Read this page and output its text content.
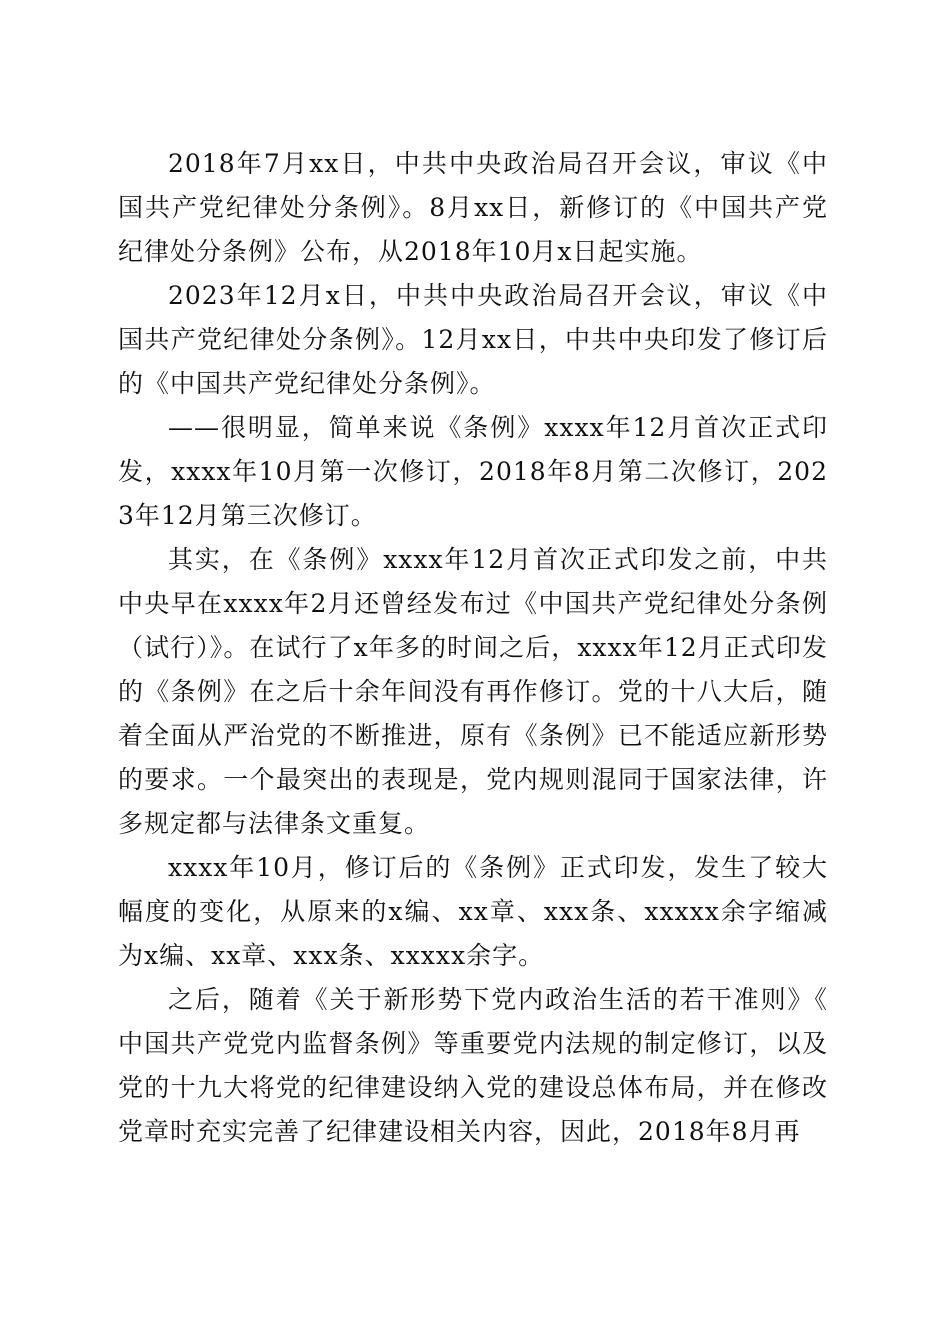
2018年7月xx日，中共中央政治局召开会议，审议《中国共产党纪律处分条例》。8月xx日，新修订的《中国共产党纪律处分条例》公布，从2018年10月x日起实施。

2023年12月x日，中共中央政治局召开会议，审议《中国共产党纪律处分条例》。12月xx日，中共中央印发了修订后的《中国共产党纪律处分条例》。

——很明显，简单来说《条例》xxxx年12月首次正式印发，xxxx年10月第一次修订，2018年8月第二次修订，2023年12月第三次修订。

其实，在《条例》xxxx年12月首次正式印发之前，中共中央早在xxxx年2月还曾经发布过《中国共产党纪律处分条例（试行）》。在试行了x年多的时间之后，xxxx年12月正式印发的《条例》在之后十余年间没有再作修订。党的十八大后，随着全面从严治党的不断推进，原有《条例》已不能适应新形势的要求。一个最突出的表现是，党内规则混同于国家法律，许多规定都与法律条文重复。

xxxx年10月，修订后的《条例》正式印发，发生了较大幅度的变化，从原来的x编、xx章、xxx条、xxxxx余字缩减为x编、xx章、xxx条、xxxxx余字。

之后，随着《关于新形势下党内政治生活的若干准则》《中国共产党党内监督条例》等重要党内法规的制定修订，以及党的十九大将党的纪律建设纳入党的建设总体布局，并在修改党章时充实完善了纪律建设相关内容，因此，2018年8月再
